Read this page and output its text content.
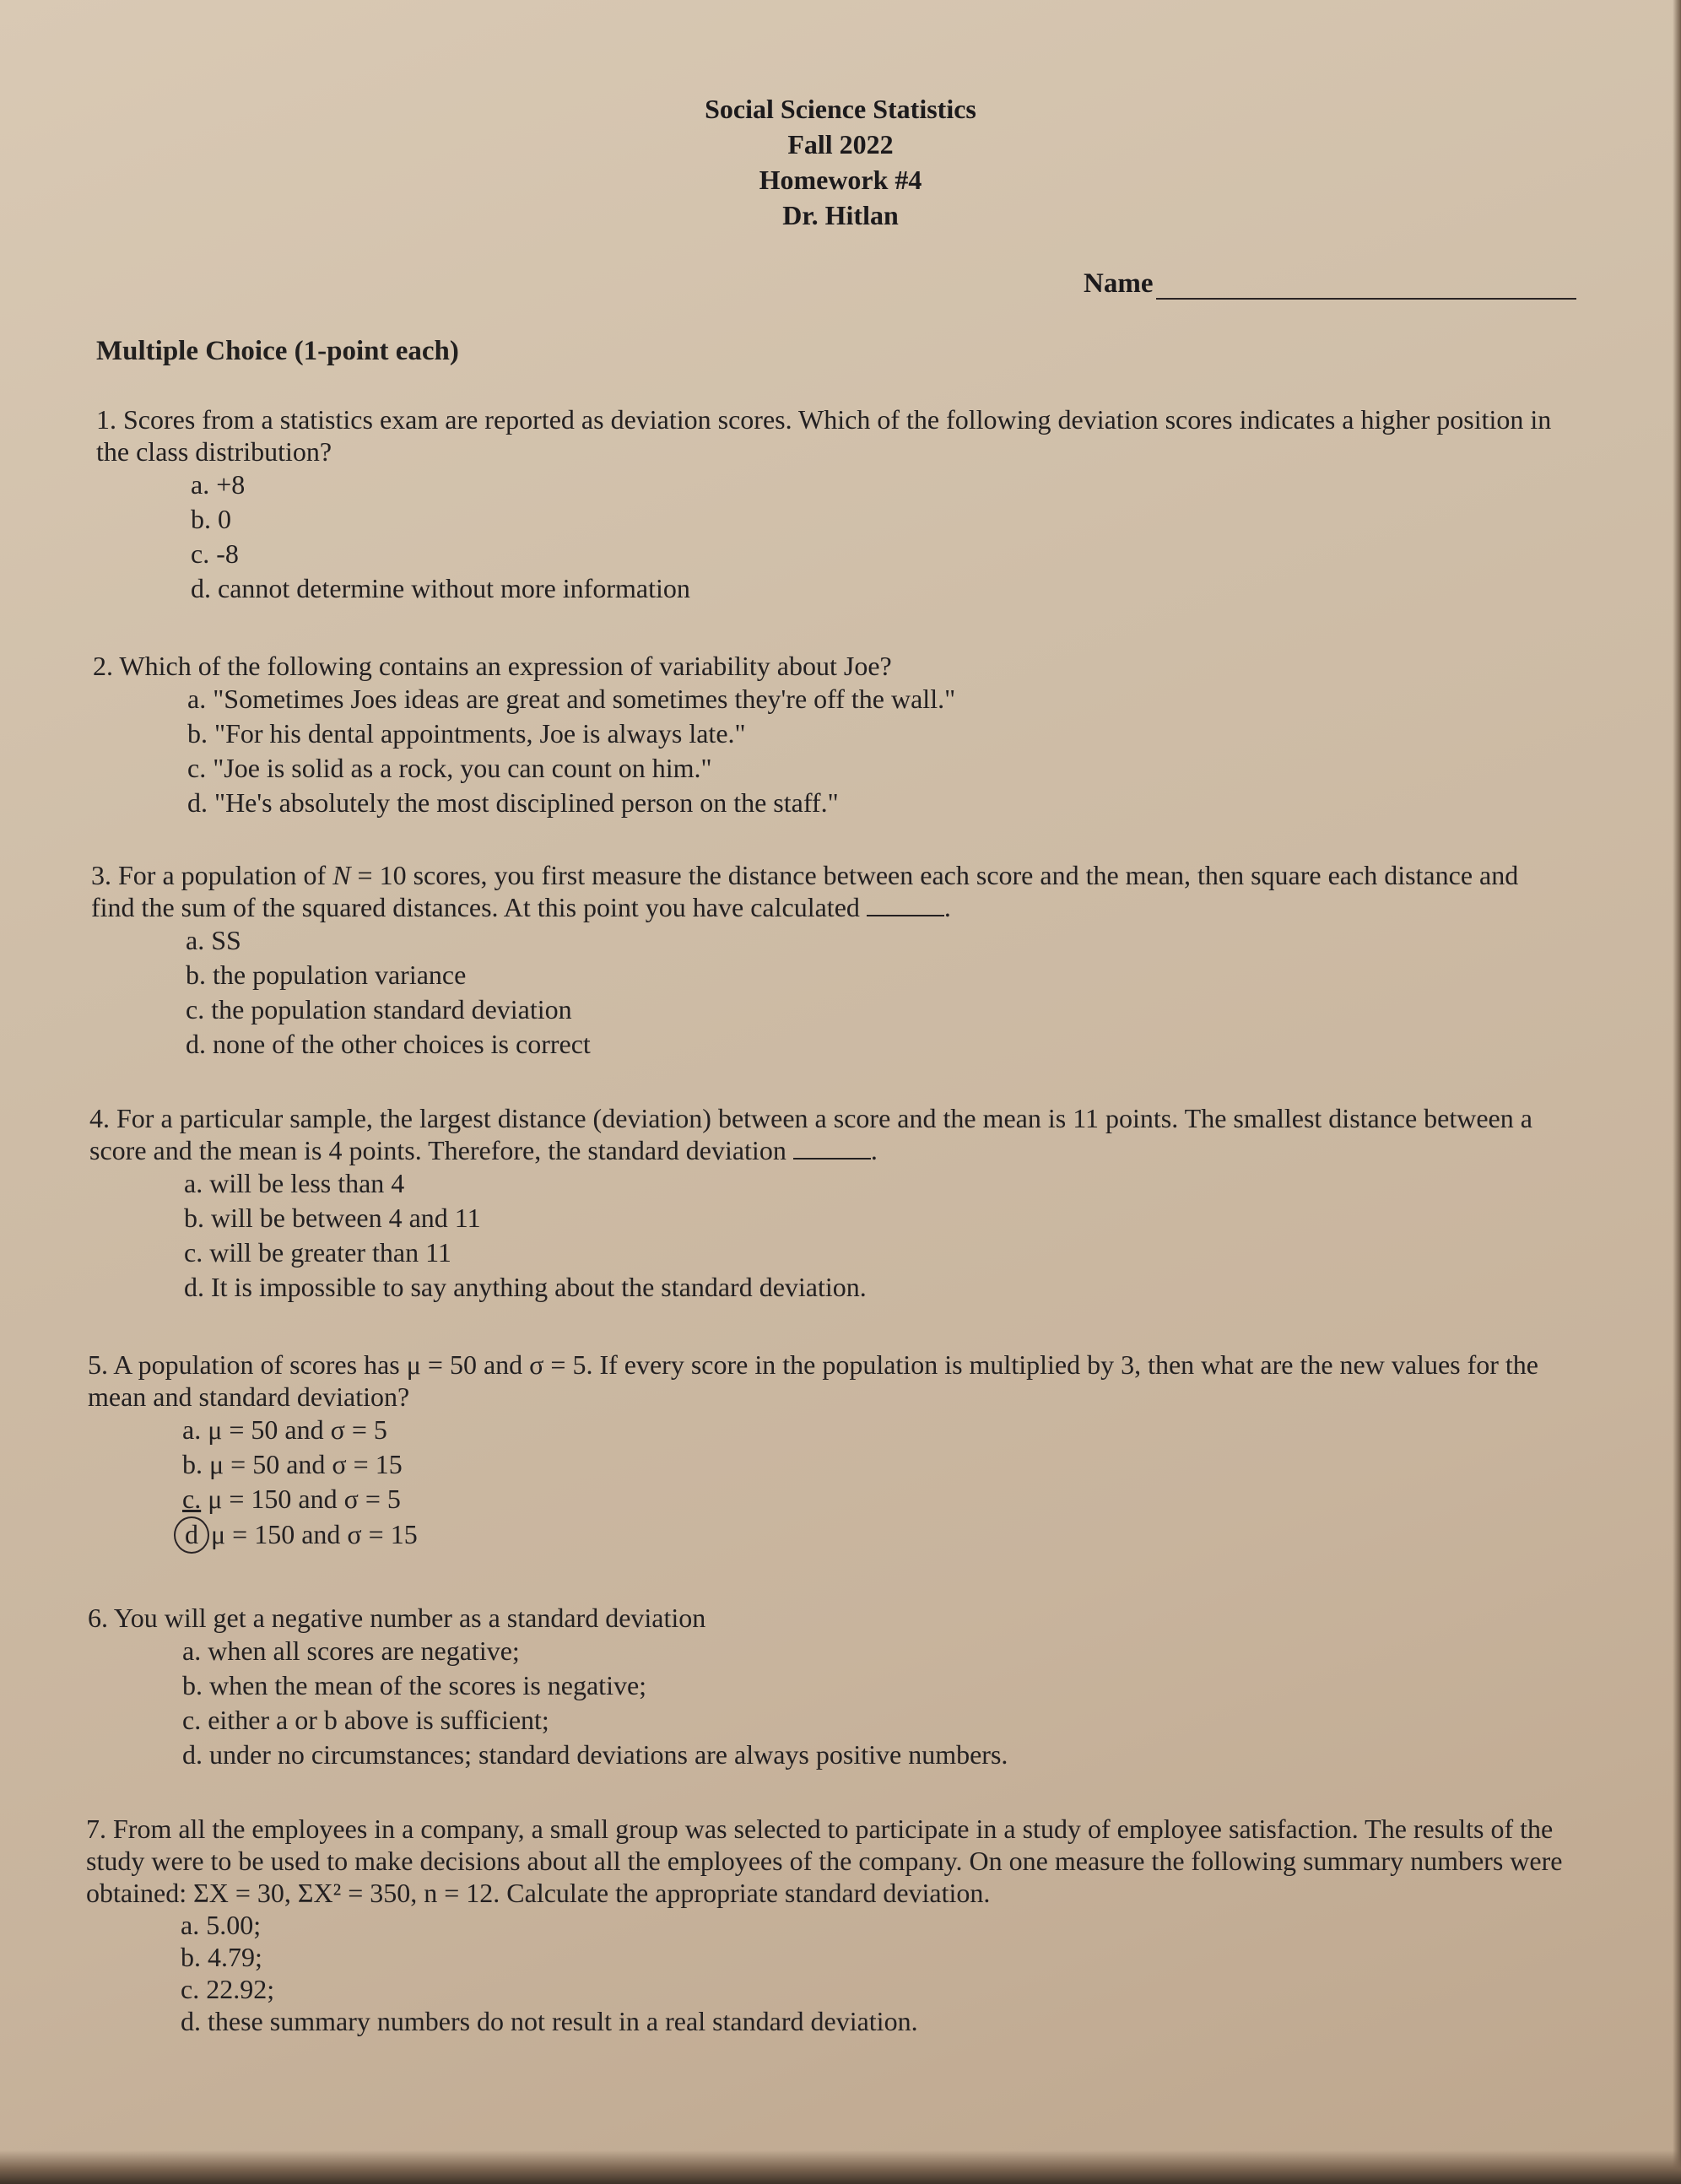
Social Science Statistics
Fall 2022
Homework #4
Dr. Hitlan
Name
Multiple Choice (1-point each)
1. Scores from a statistics exam are reported as deviation scores. Which of the following deviation scores indicates a higher position in the class distribution?
a. +8
b. 0
c. -8
d. cannot determine without more information
2. Which of the following contains an expression of variability about Joe?
a. "Sometimes Joes ideas are great and sometimes they're off the wall."
b. "For his dental appointments, Joe is always late."
c. "Joe is solid as a rock, you can count on him."
d. "He's absolutely the most disciplined person on the staff."
3. For a population of N = 10 scores, you first measure the distance between each score and the mean, then square each distance and find the sum of the squared distances. At this point you have calculated	.
a. SS
b. the population variance
c. the population standard deviation
d. none of the other choices is correct
4. For a particular sample, the largest distance (deviation) between a score and the mean is 11 points. The smallest distance between a score and the mean is 4 points. Therefore, the standard deviation	.
a. will be less than 4
b. will be between 4 and 11
c. will be greater than 11
d. It is impossible to say anything about the standard deviation.
5. A population of scores has μ = 50 and σ = 5. If every score in the population is multiplied by 3, then what are the new values for the mean and standard deviation?
a. μ = 50 and σ = 5
b. μ = 50 and σ = 15
c. μ = 150 and σ = 5
d μ = 150 and σ = 15
6. You will get a negative number as a standard deviation
a. when all scores are negative;
b. when the mean of the scores is negative;
c. either a or b above is sufficient;
d. under no circumstances; standard deviations are always positive numbers.
7. From all the employees in a company, a small group was selected to participate in a study of employee satisfaction. The results of the study were to be used to make decisions about all the employees of the company. On one measure the following summary numbers were obtained: ΣX = 30, ΣX² = 350, n = 12. Calculate the appropriate standard deviation.
a. 5.00;
b. 4.79;
c. 22.92;
d. these summary numbers do not result in a real standard deviation.
